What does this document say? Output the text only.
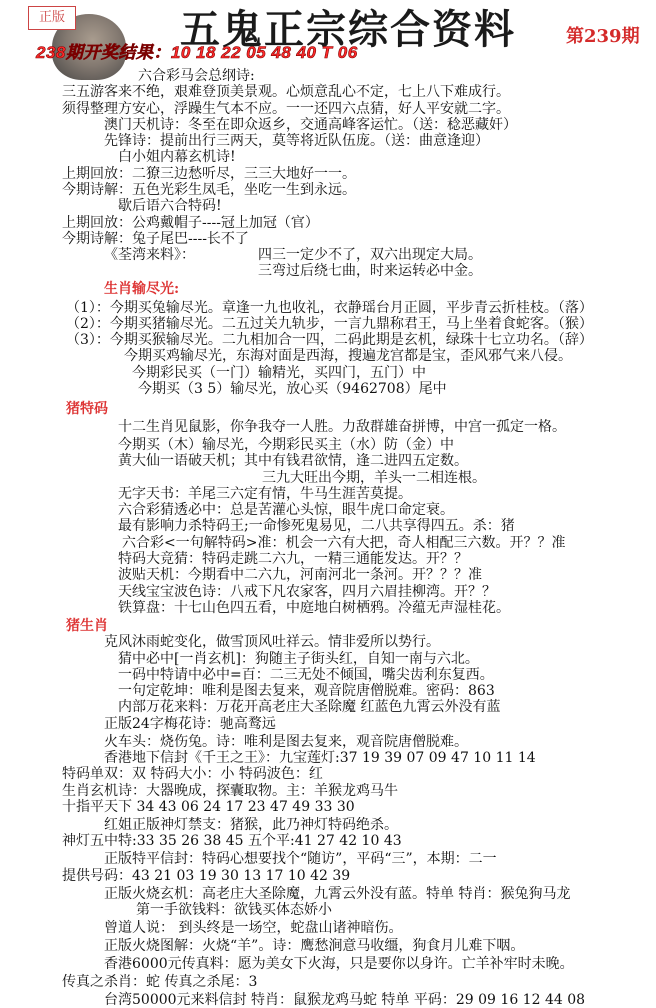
正版	五鬼正宗综合资料	第239期
238期开奖结果：10 18 22 05 48 40 T 06
六合彩马会总纲诗:
三五游客来不绝，艰难登顶美景观。心烦意乱心不定，七上八下难成行。
须得整理方安心，浮躁生气本不应。一一还四六点猜，好人平安就二字。
澳门天机诗：冬至在即众返乡，交通高峰客运忙。（送：稔恶藏奸）
先锋诗：提前出行三两天，莫等将近队伍庞。（送：曲意逢迎）
白小姐内幕玄机诗!
上期回放：二獠三边愁听尽，三三大地好一一。
今期诗解：五色光彩生凤毛，坐吃一生到永远。
歇后语六合特码!
上期回放：公鸡戴帽子----冠上加冠（官）
今期诗解：兔子尾巴----长不了
《荃湾来料》：	四三一定少不了，双六出现定大局。
三弯过后绕七曲，时来运转必中金。
生肖输尽光:
（1）：今期买兔输尽光。章逢一九也收礼，衣静瑶台月正圆，平步青云折桂枝。（落）
（2）：今期买猪输尽光。二五过关九轨步，一言九鼎称君王，马上坐着食蛇客。（猴）
（3）：今期买猴输尽光。二九相加合一四，二码此期是玄机，绿珠十七立功名。（辞）
今期买鸡输尽光，东海对面是西海，搜遍龙宫都是宝，歪风邪气来八侵。
今期彩民买（一门）输精光，买四门，五门）中
今期买（3 5）输尽光，放心买（9462708）尾中
猪特码
十二生肖见鼠影，你争我夺一人胜。力敌群雄奋拼博，中宫一孤定一格。
今期买（木）输尽光，今期彩民买主（水）防（金）中
黄大仙一语破天机；其中有钱君欲情，逢二进四五定数。
三九大旺出今期，羊头一二相连根。
无字天书：羊尾三六定有情，牛马生涯苦莫提。
六合彩猜透必中：总是苦灌心头惊，眼牛虎口命定衰。
最有影响力杀特码王;一命惨死鬼易见，二八共享得四五。杀：猪
六合彩<一句解特码>准：机会一六有大把，奇人相配三六数。开？？准
特码大竞猜：特码走跳二六九，一精三通能发达。开？？
波贴天机：今期看中二六九，河南河北一条河。开？？？准
天线宝宝波色诗：八戒下凡农家客，四月六眉挂柳湾。开？？
铁算盘：十七山色四五看，中庭地白树栖鸦。冷蕴无声湿桂花。
猪生肖
克风沐雨蛇变化，做雪顶风吐祥云。情非爱所以势行。
猜中必中[一肖玄机]：狗随主子街头红，自知一南与六北。
一码中特请中必中=百：二三无处不倾国，嘴尖齿利东复西。
一句定乾坤：唯利是图去复来，观音院唐僧脱难。密码：863
内部万花来料：万花开高老庄大圣除魔 红蓝色九霄云外没有蓝
正版24字梅花诗：驰高鹜远
火车头：烧伤兔。诗：唯利是图去复来，观音院唐僧脱难。
香港地下信封《千王之王》：九宝莲灯:37 19 39 07 09 47 10 11 14
特码单双：双 特码大小：小 特码波色：红
生肖玄机诗：大器晚成，探囊取物。主：羊猴龙鸡马牛
十指平天下 34 43 06 24 17 23 47 49 33 30
红姐正版神灯禁支：猪猴，此乃神灯特码绝杀。
神灯五中特:33 35 26 38 45 五个平:41 27 42 10 43
正版特平信封：特码心想要找个“随访”，平码“三”，本期：二一
提供号码：43 21 03 19 30 13 17 10 42 39
正版火烧玄机：高老庄大圣除魔，九霄云外没有蓝。特单 特肖：猴兔狗马龙
第一手欲钱料：欲钱买体态娇小
曾道人说： 到头终是一场空，蛇盘山诸神暗伤。
正版火烧图解：火烧“羊”。诗：鹰愁涧意马收缰，狗食月儿难下咽。
香港6000元传真料：愿为美女下火海，只是要你以身许。亡羊补牢时未晚。
传真之杀肖：蛇 传真之杀尾：3
台湾50000元来料信封 特肖：鼠猴龙鸡马蛇 特单 平码：29 09 16 12 44 08
